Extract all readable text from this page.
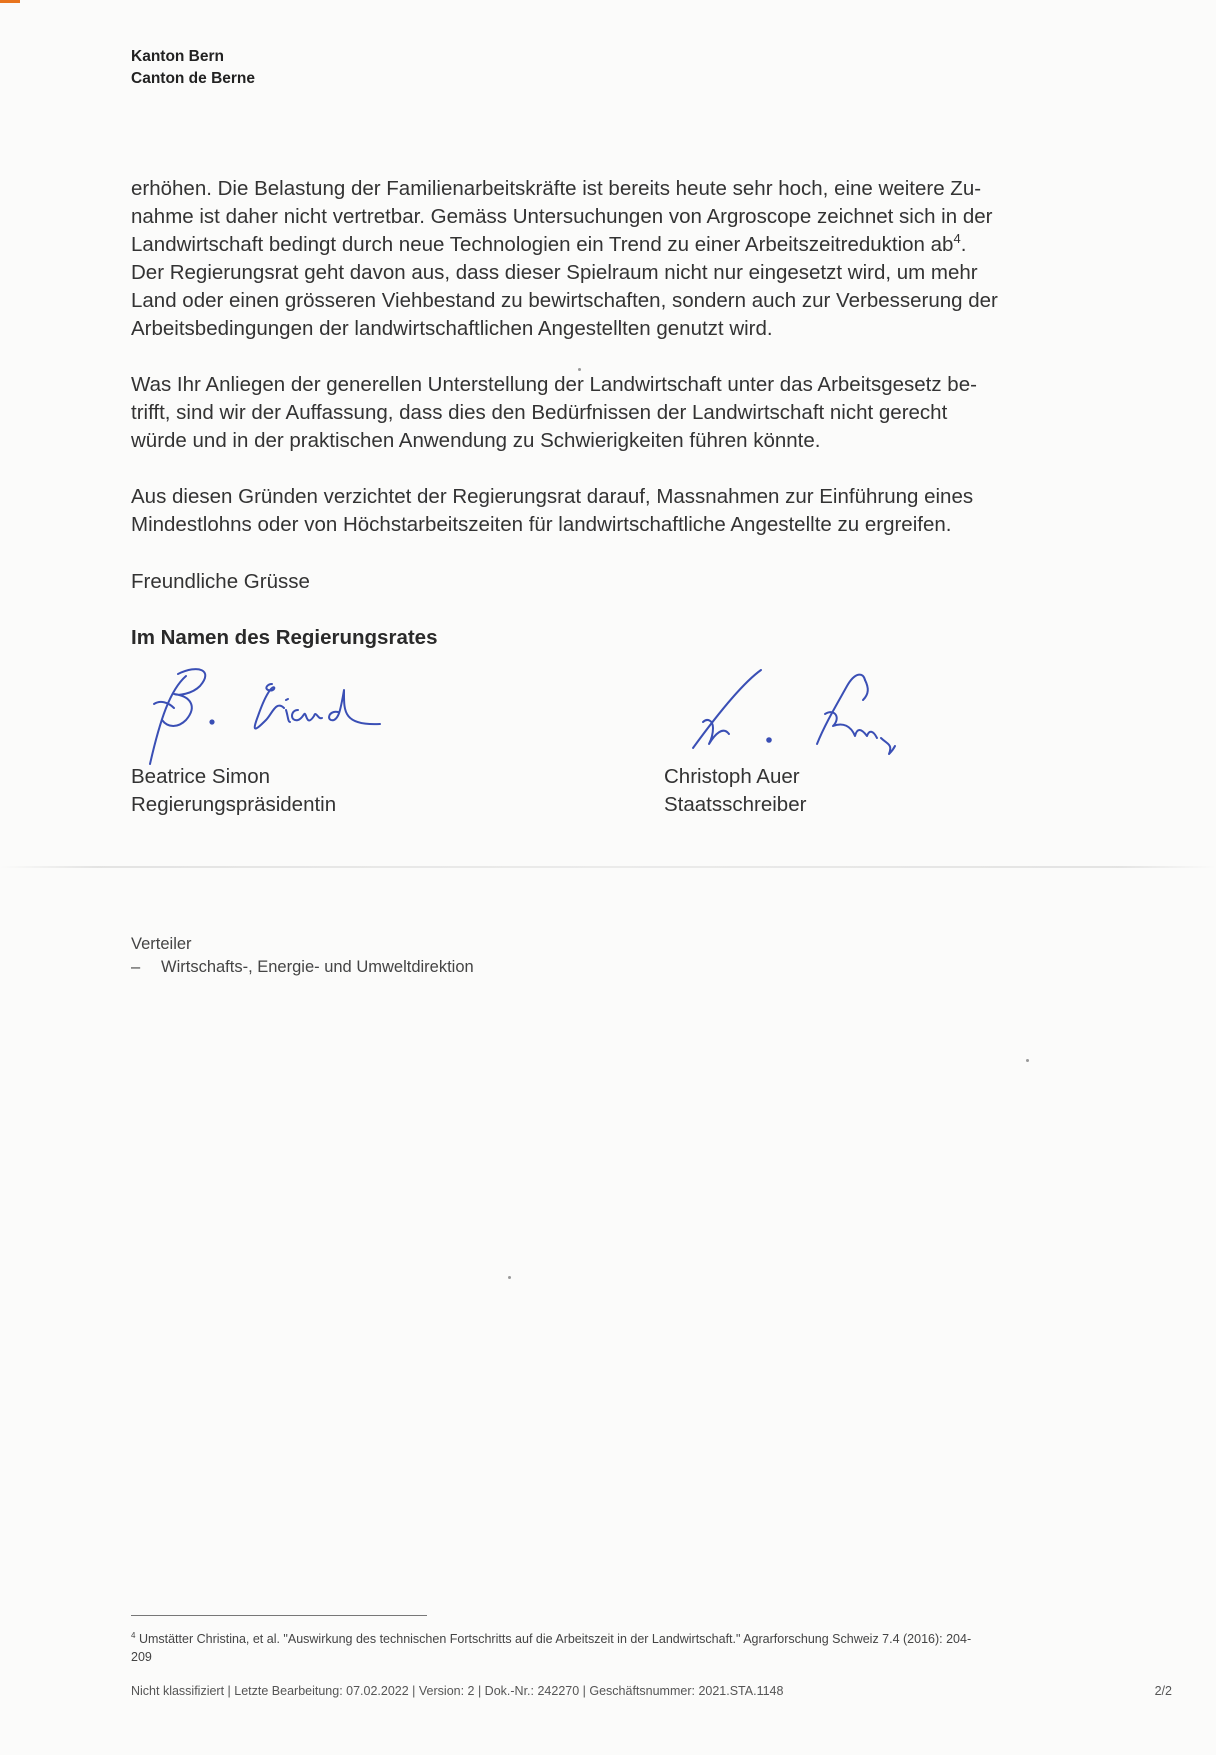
Kanton Bern
Canton de Berne

erhöhen. Die Belastung der Familienarbeitskräfte ist bereits heute sehr hoch, eine weitere Zu-

nahme ist daher nicht vertretbar. Gemäss Untersuchungen von Argroscope zeichnet sich in der

Landwirtschaft bedingt durch neue Technologien ein Trend zu einer Arbeitszeitreduktion ab$^4$.

Der Regierungsrat geht davon aus, dass dieser Spielraum nicht nur eingesetzt wird, um mehr

Land oder einen grösseren Viehbestand zu bewirtschaften, sondern auch zur Verbesserung der

Arbeitsbedingungen der landwirtschaftlichen Angestellten genutzt wird.

Was Ihr Anliegen der generellen Unterstellung der Landwirtschaft unter das Arbeitsgesetz be-

trifft, sind wir der Auffassung, dass dies den Bedürfnissen der Landwirtschaft nicht gerecht

würde und in der praktischen Anwendung zu Schwierigkeiten führen könnte.

Aus diesen Gründen verzichtet der Regierungsrat darauf, Massnahmen zur Einführung eines

Mindestlohns oder von Höchstarbeitszeiten für landwirtschaftliche Angestellte zu ergreifen.

Freundliche Grüsse
Im Namen des Regierungsrates
Beatrice Simon
Regierungspräsidentin
Christoph Auer
Staatsschreiber
Verteiler
– Wirtschafts-, Energie- und Umweltdirektion
$^4$ Umstätter Christina, et al. "Auswirkung des technischen Fortschritts auf die Arbeitszeit in der Landwirtschaft." Agrarforschung Schweiz 7.4 (2016): 204-
209
Nicht klassifiziert | Letzte Bearbeitung: 07.02.2022 | Version: 2 | Dok.-Nr.: 242270 | Geschäftsnummer: 2021.STA.1148	2/2
